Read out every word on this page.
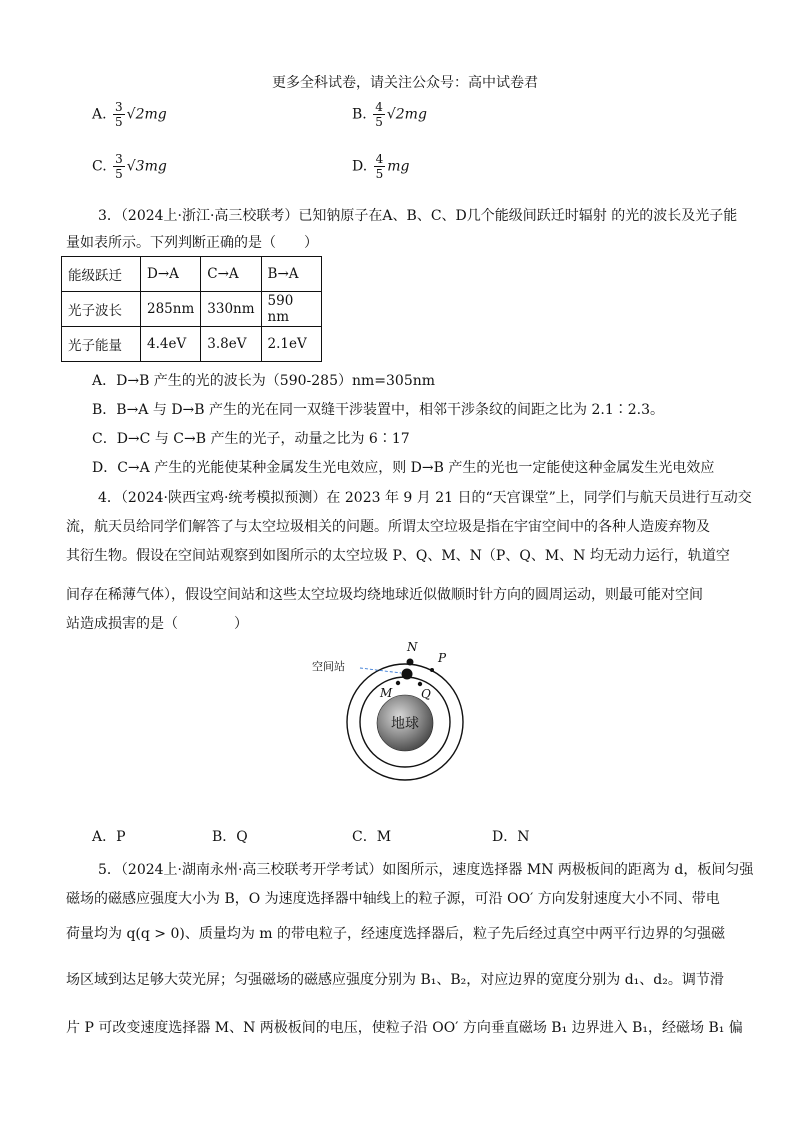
更多全科试卷，请关注公众号：高中试卷君
A. $\frac{3}{5} √2mg$	B. $\frac{4}{5} √2mg$
C. $\frac{3}{5} √3mg$	D. $\frac{4}{5}$ mg
3．（2024上·浙江·高三校联考）已知钠原子在A、B、C、D几个能级间跃迁时辐射 的光的波长及光子能
量如表所示。下列判断正确的是（　　）
能级跃迁	D→A	C→A	B→A
光子波长	285nm	330nm	590 nm
光子能量	4.4eV	3.8eV	2.1eV
A．D→B 产生的光的波长为（590-285）nm=305nm
B．B→A 与 D→B 产生的光在同一双缝干涉装置中，相邻干涉条纹的间距之比为 2.1∶2.3。
C．D→C 与 C→B 产生的光子，动量之比为 6∶17
D．C→A 产生的光能使某种金属发生光电效应，则 D→B 产生的光也一定能使这种金属发生光电效应
4．（2024·陕西宝鸡·统考模拟预测）在 2023 年 9 月 21 日的“天宫课堂”上，同学们与航天员进行互动交
流，航天员给同学们解答了与太空垃圾相关的问题。所谓太空垃圾是指在宇宙空间中的各种人造废弃物及
其衍生物。假设在空间站观察到如图所示的太空垃圾 P、Q、M、N（P、Q、M、N 均无动力运行，轨道空
间存在稀薄气体），假设空间站和这些太空垃圾均绕地球近似做顺时针方向的圆周运动，则最可能对空间
站造成损害的是（　　　　）
地球
空间站
N
P
M Q
A．P	B．Q	C．M	D．N
5．（2024上·湖南永州·高三校联考开学考试）如图所示，速度选择器 MN 两极板间的距离为 d，板间匀强
磁场的磁感应强度大小为 B，O 为速度选择器中轴线上的粒子源，可沿 OO′ 方向发射速度大小不同、带电
荷量均为 q(q > 0)、质量均为 m 的带电粒子，经速度选择器后，粒子先后经过真空中两平行边界的匀强磁
场区域到达足够大荧光屏；匀强磁场的磁感应强度分别为 B₁、B₂，对应边界的宽度分别为 d₁、d₂。调节滑
片 P 可改变速度选择器 M、N 两极板间的电压，使粒子沿 OO′ 方向垂直磁场 B₁ 边界进入 B₁，经磁场 B₁ 偏
